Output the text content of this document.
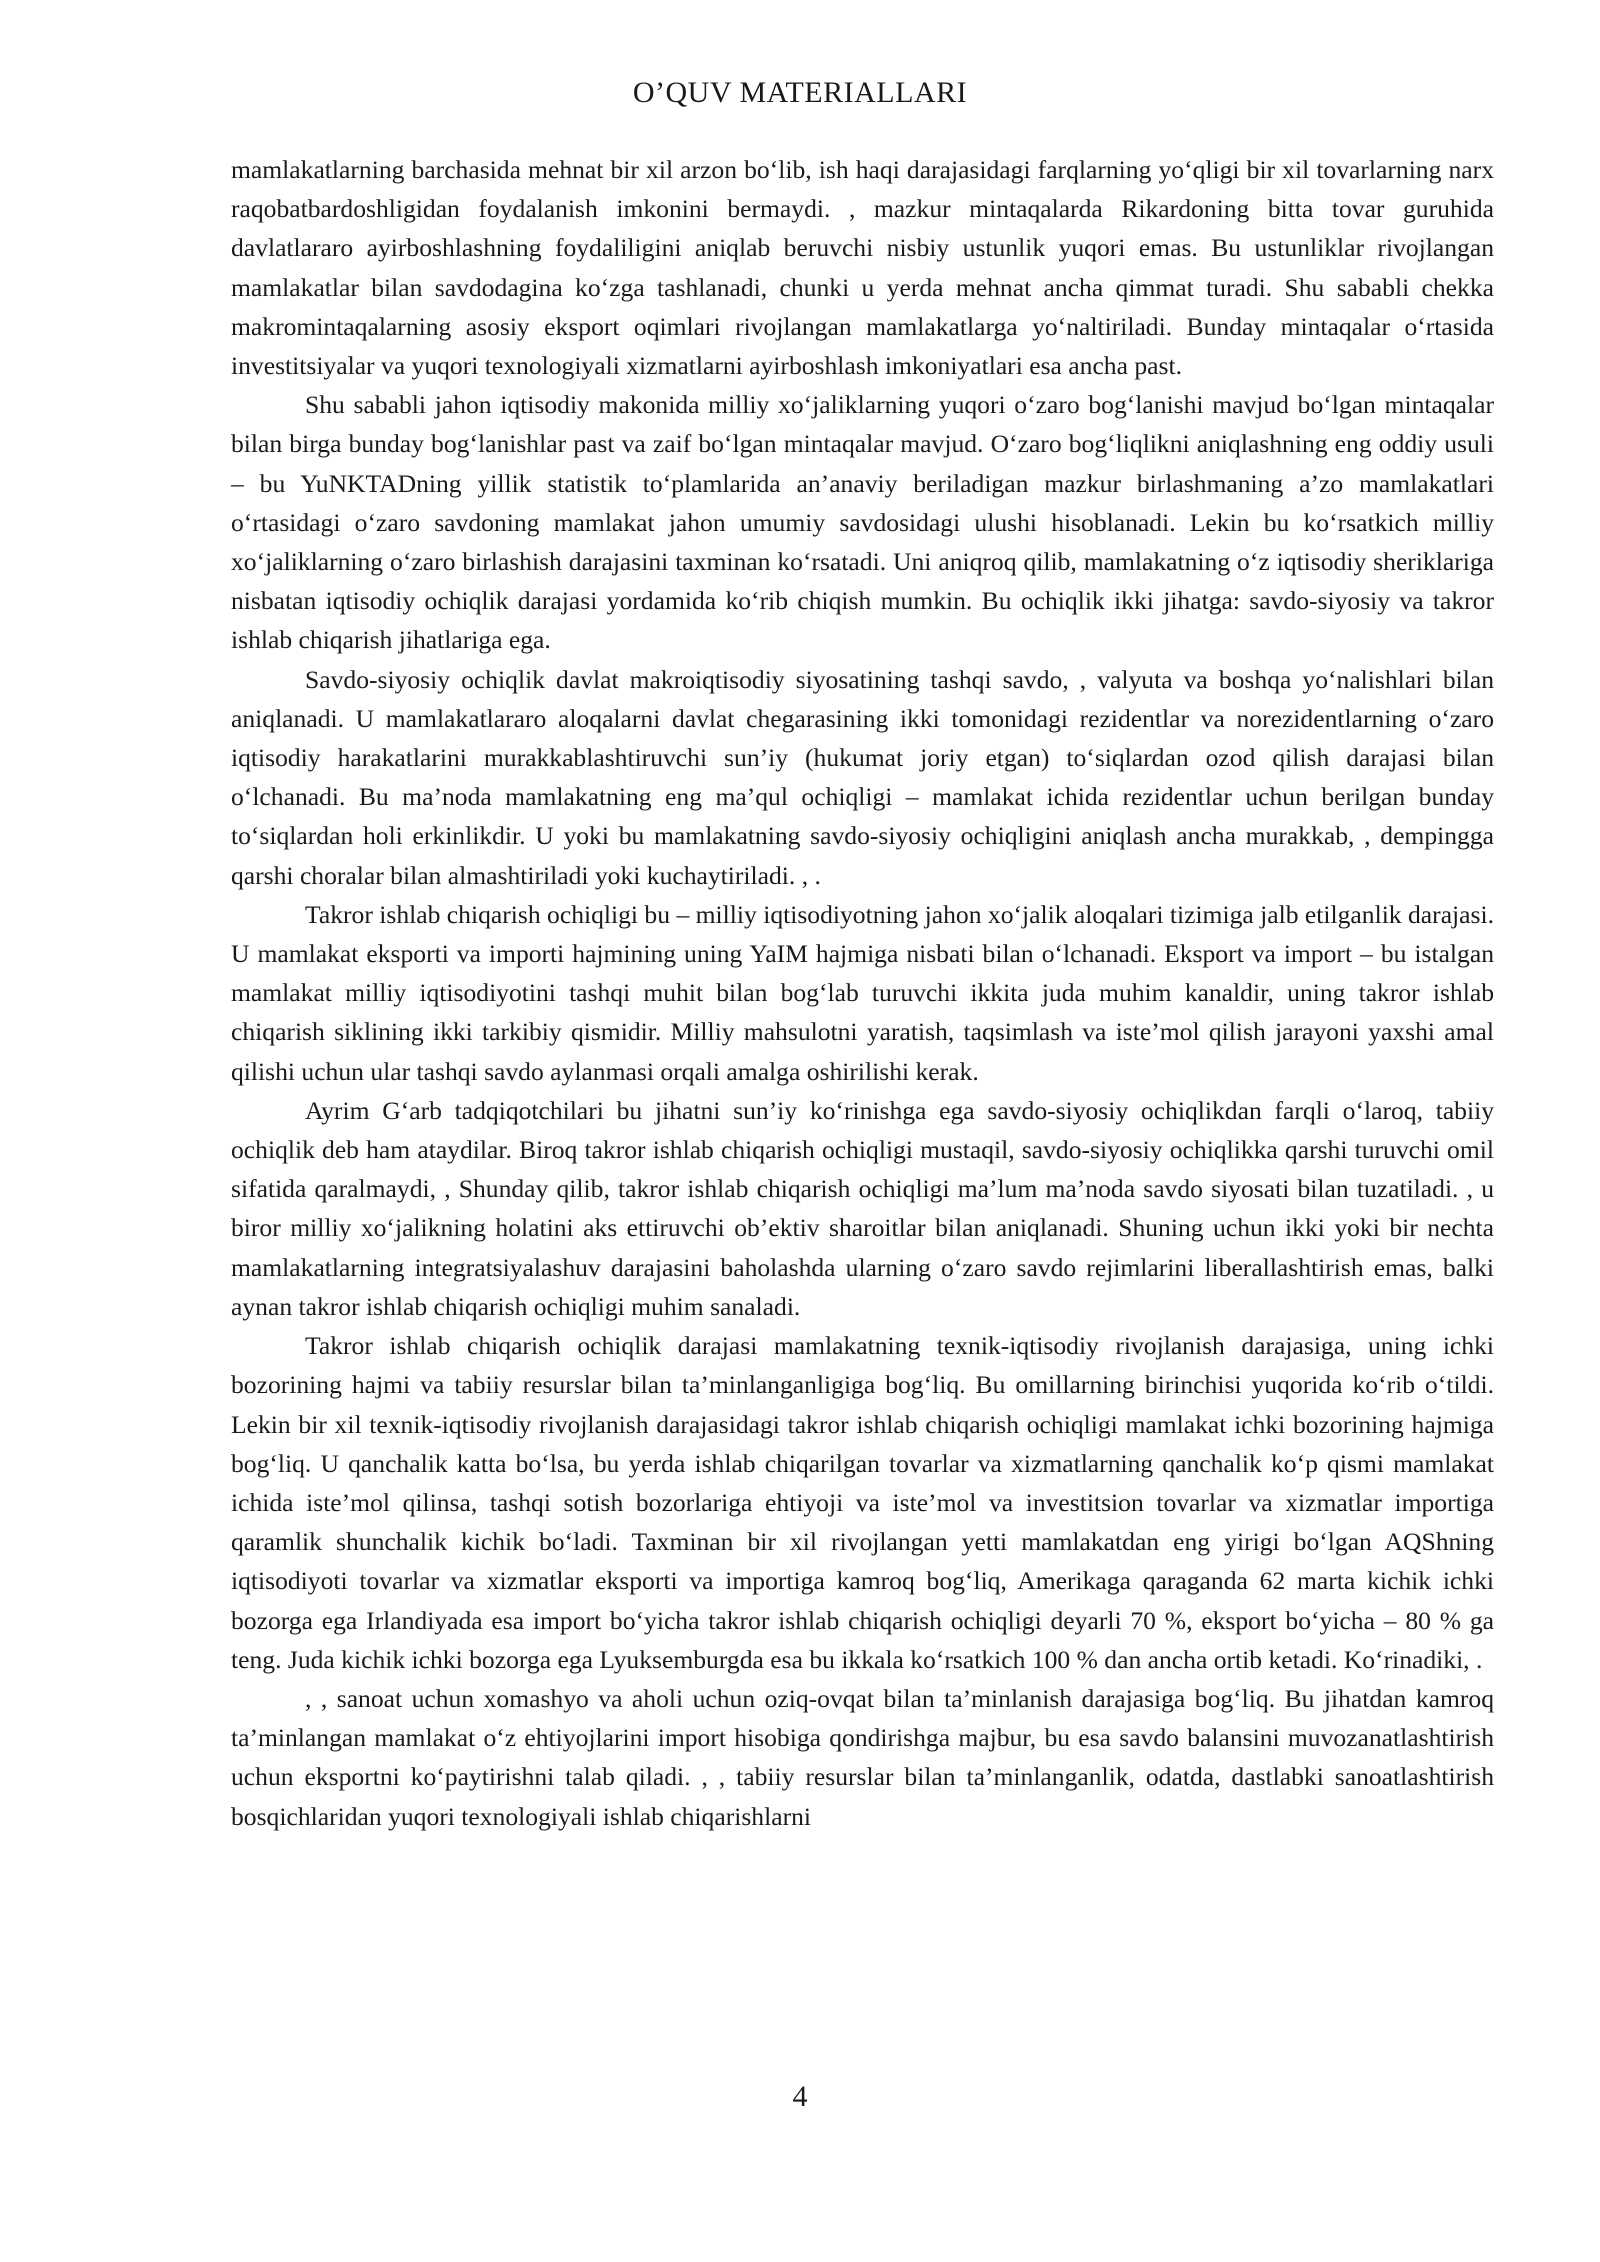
O’QUV MATERIALLARI

mamlakatlarning barchasida mehnat bir xil arzon bo‘lib, ish haqi darajasidagi farqlarning yo‘qligi bir xil tovarlarning narx raqobatbardoshligidan foydalanish imkonini bermaydi. , mazkur mintaqalarda Rikardoning bitta tovar guruhida davlatlararo ayirboshlashning foydaliligini aniqlab beruvchi nisbiy ustunlik yuqori emas. Bu ustunliklar rivojlangan mamlakatlar bilan savdodagina ko‘zga tashlanadi, chunki u yerda mehnat ancha qimmat turadi. Shu sababli chekka makromintaqalarning asosiy eksport oqimlari rivojlangan mamlakatlarga yo‘naltiriladi. Bunday mintaqalar o‘rtasida investitsiyalar va yuqori texnologiyali xizmatlarni ayirboshlash imkoniyatlari esa ancha past.

Shu sababli jahon iqtisodiy makonida milliy xo‘jaliklarning yuqori o‘zaro bog‘lanishi mavjud bo‘lgan mintaqalar bilan birga bunday bog‘lanishlar past va zaif bo‘lgan mintaqalar mavjud. O‘zaro bog‘liqlikni aniqlashning eng oddiy usuli – bu YuNKTADning yillik statistik to‘plamlarida an’anaviy beriladigan mazkur birlashmaning a’zo mamlakatlari o‘rtasidagi o‘zaro savdoning mamlakat jahon umumiy savdosidagi ulushi hisoblanadi. Lekin bu ko‘rsatkich milliy xo‘jaliklarning o‘zaro birlashish darajasini taxminan ko‘rsatadi. Uni aniqroq qilib, mamlakatning o‘z iqtisodiy sheriklariga nisbatan iqtisodiy ochiqlik darajasi yordamida ko‘rib chiqish mumkin. Bu ochiqlik ikki jihatga: savdo-siyosiy va takror ishlab chiqarish jihatlariga ega.

Savdo-siyosiy ochiqlik davlat makroiqtisodiy siyosatining tashqi savdo, , valyuta va boshqa yo‘nalishlari bilan aniqlanadi. U mamlakatlararo aloqalarni davlat chegarasining ikki tomonidagi rezidentlar va norezidentlarning o‘zaro iqtisodiy harakatlarini murakkablashtiruvchi sun’iy (hukumat joriy etgan) to‘siqlardan ozod qilish darajasi bilan o‘lchanadi. Bu ma’noda mamlakatning eng ma’qul ochiqligi – mamlakat ichida rezidentlar uchun berilgan bunday to‘siqlardan holi erkinlikdir. U yoki bu mamlakatning savdo-siyosiy ochiqligini aniqlash ancha murakkab, , dempingga qarshi choralar bilan almashtiriladi yoki kuchaytiriladi. , .

Takror ishlab chiqarish ochiqligi bu – milliy iqtisodiyotning jahon xo‘jalik aloqalari tizimiga jalb etilganlik darajasi. U mamlakat eksporti va importi hajmining uning YaIM hajmiga nisbati bilan o‘lchanadi. Eksport va import – bu istalgan mamlakat milliy iqtisodiyotini tashqi muhit bilan bog‘lab turuvchi ikkita juda muhim kanaldir, uning takror ishlab chiqarish siklining ikki tarkibiy qismidir. Milliy mahsulotni yaratish, taqsimlash va iste’mol qilish jarayoni yaxshi amal qilishi uchun ular tashqi savdo aylanmasi orqali amalga oshirilishi kerak.

Ayrim G‘arb tadqiqotchilari bu jihatni sun’iy ko‘rinishga ega savdo-siyosiy ochiqlikdan farqli o‘laroq, tabiiy ochiqlik deb ham ataydilar. Biroq takror ishlab chiqarish ochiqligi mustaqil, savdo-siyosiy ochiqlikka qarshi turuvchi omil sifatida qaralmaydi, , Shunday qilib, takror ishlab chiqarish ochiqligi ma’lum ma’noda savdo siyosati bilan tuzatiladi. , u biror milliy xo‘jalikning holatini aks ettiruvchi ob’ektiv sharoitlar bilan aniqlanadi. Shuning uchun ikki yoki bir nechta mamlakatlarning integratsiyalashuv darajasini baholashda ularning o‘zaro savdo rejimlarini liberallashtirish emas, balki aynan takror ishlab chiqarish ochiqligi muhim sanaladi.

Takror ishlab chiqarish ochiqlik darajasi mamlakatning texnik-iqtisodiy rivojlanish darajasiga, uning ichki bozorining hajmi va tabiiy resurslar bilan ta’minlanganligiga bog‘liq. Bu omillarning birinchisi yuqorida ko‘rib o‘tildi. Lekin bir xil texnik-iqtisodiy rivojlanish darajasidagi takror ishlab chiqarish ochiqligi mamlakat ichki bozorining hajmiga bog‘liq. U qanchalik katta bo‘lsa, bu yerda ishlab chiqarilgan tovarlar va xizmatlarning qanchalik ko‘p qismi mamlakat ichida iste’mol qilinsa, tashqi sotish bozorlariga ehtiyoji va iste’mol va investitsion tovarlar va xizmatlar importiga qaramlik shunchalik kichik bo‘ladi. Taxminan bir xil rivojlangan yetti mamlakatdan eng yirigi bo‘lgan AQShning iqtisodiyoti tovarlar va xizmatlar eksporti va importiga kamroq bog‘liq, Amerikaga qaraganda 62 marta kichik ichki bozorga ega Irlandiyada esa import bo‘yicha takror ishlab chiqarish ochiqligi deyarli 70 %, eksport bo‘yicha – 80 % ga teng. Juda kichik ichki bozorga ega Lyuksemburgda esa bu ikkala ko‘rsatkich 100 % dan ancha ortib ketadi. Ko‘rinadiki, .

, , sanoat uchun xomashyo va aholi uchun oziq-ovqat bilan ta’minlanish darajasiga bog‘liq. Bu jihatdan kamroq ta’minlangan mamlakat o‘z ehtiyojlarini import hisobiga qondirishga majbur, bu esa savdo balansini muvozanatlashtirish uchun eksportni ko‘paytirishni talab qiladi. , , tabiiy resurslar bilan ta’minlanganlik, odatda, dastlabki sanoatlashtirish bosqichlaridan yuqori texnologiyali ishlab chiqarishlarni

4
